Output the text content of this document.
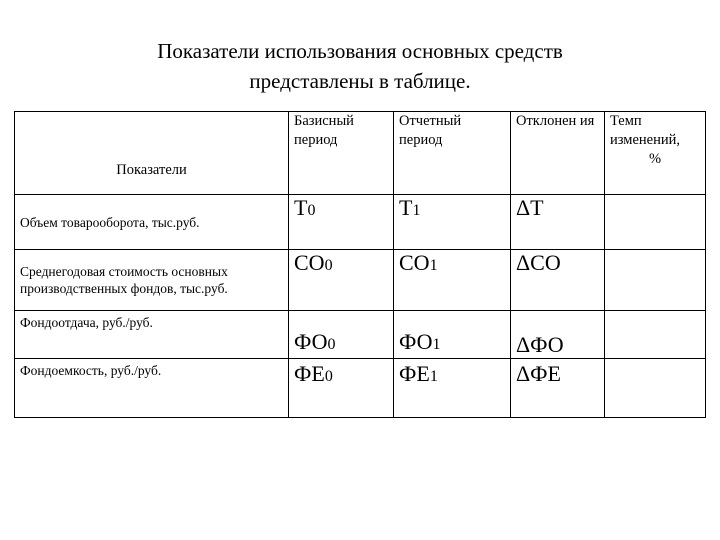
Показатели использования основных средств
представлены в таблице.
Показатели	Базисный период	Отчетный период	Отклонен ия	Темп
изменений,
%

Объем товарооборота, тыс.руб.	Т0	Т1	ΔТ	
Среднегодовая стоимость основных производственных фондов, тыс.руб.	СО0	СО1	ΔСО	
Фондоотдача, руб./руб.	ФО0	ФО1	ΔФО	
Фондоемкость, руб./руб.	ФЕ0	ФЕ1	ΔФЕ	
